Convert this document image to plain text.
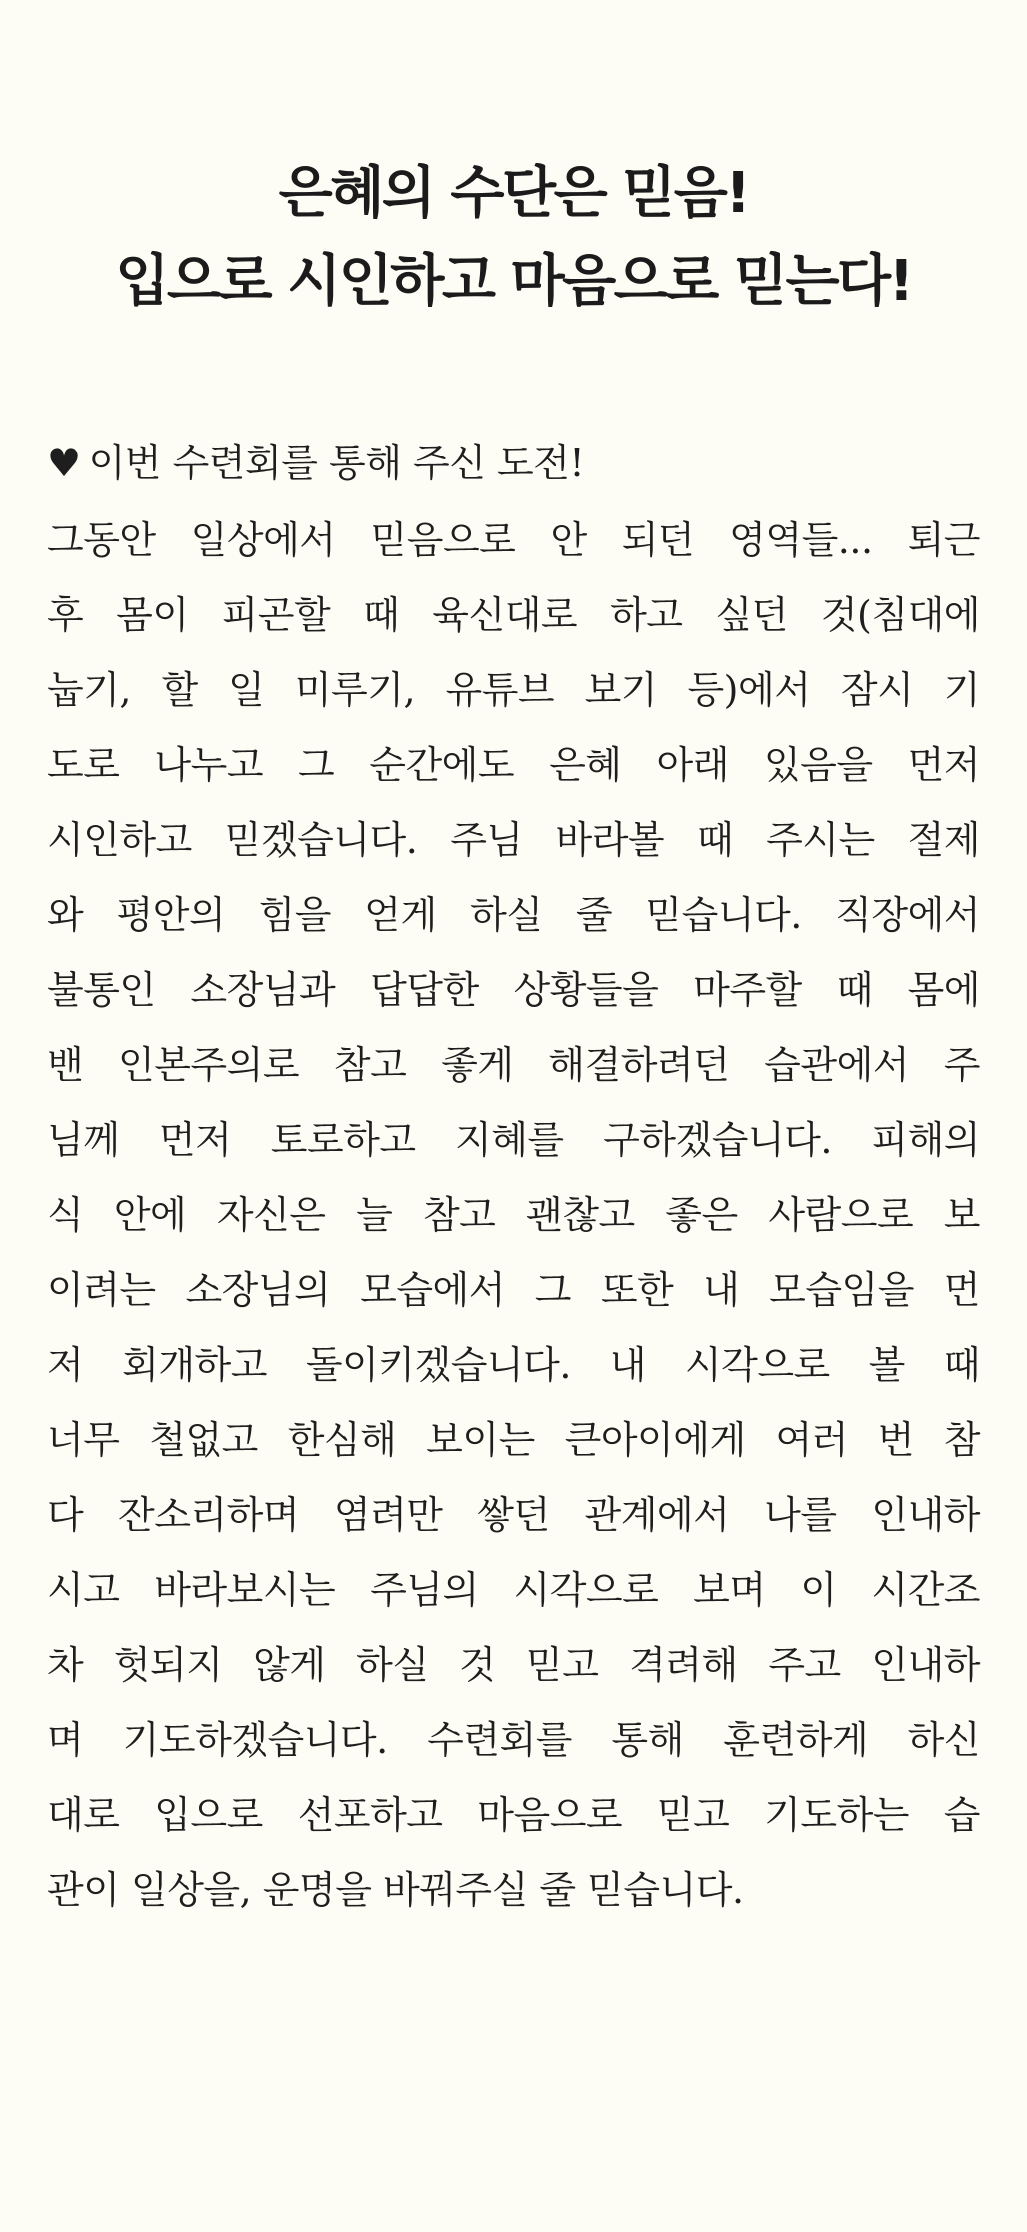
은혜의 수단은 믿음!
입으로 시인하고 마음으로 믿는다!
♥ 이번 수련회를 통해 주신 도전!
그동안 일상에서 믿음으로 안 되던 영역들... 퇴근
후 몸이 피곤할 때 육신대로 하고 싶던 것(침대에
눕기, 할 일 미루기, 유튜브 보기 등)에서 잠시 기
도로 나누고 그 순간에도 은혜 아래 있음을 먼저
시인하고 믿겠습니다. 주님 바라볼 때 주시는 절제
와 평안의 힘을 얻게 하실 줄 믿습니다. 직장에서
불통인 소장님과 답답한 상황들을 마주할 때 몸에
밴 인본주의로 참고 좋게 해결하려던 습관에서 주
님께 먼저 토로하고 지혜를 구하겠습니다. 피해의
식 안에 자신은 늘 참고 괜찮고 좋은 사람으로 보
이려는 소장님의 모습에서 그 또한 내 모습임을 먼
저 회개하고 돌이키겠습니다. 내 시각으로 볼 때
너무 철없고 한심해 보이는 큰아이에게 여러 번 참
다 잔소리하며 염려만 쌓던 관계에서 나를 인내하
시고 바라보시는 주님의 시각으로 보며 이 시간조
차 헛되지 않게 하실 것 믿고 격려해 주고 인내하
며 기도하겠습니다. 수련회를 통해 훈련하게 하신
대로 입으로 선포하고 마음으로 믿고 기도하는 습
관이 일상을, 운명을 바꿔주실 줄 믿습니다.
